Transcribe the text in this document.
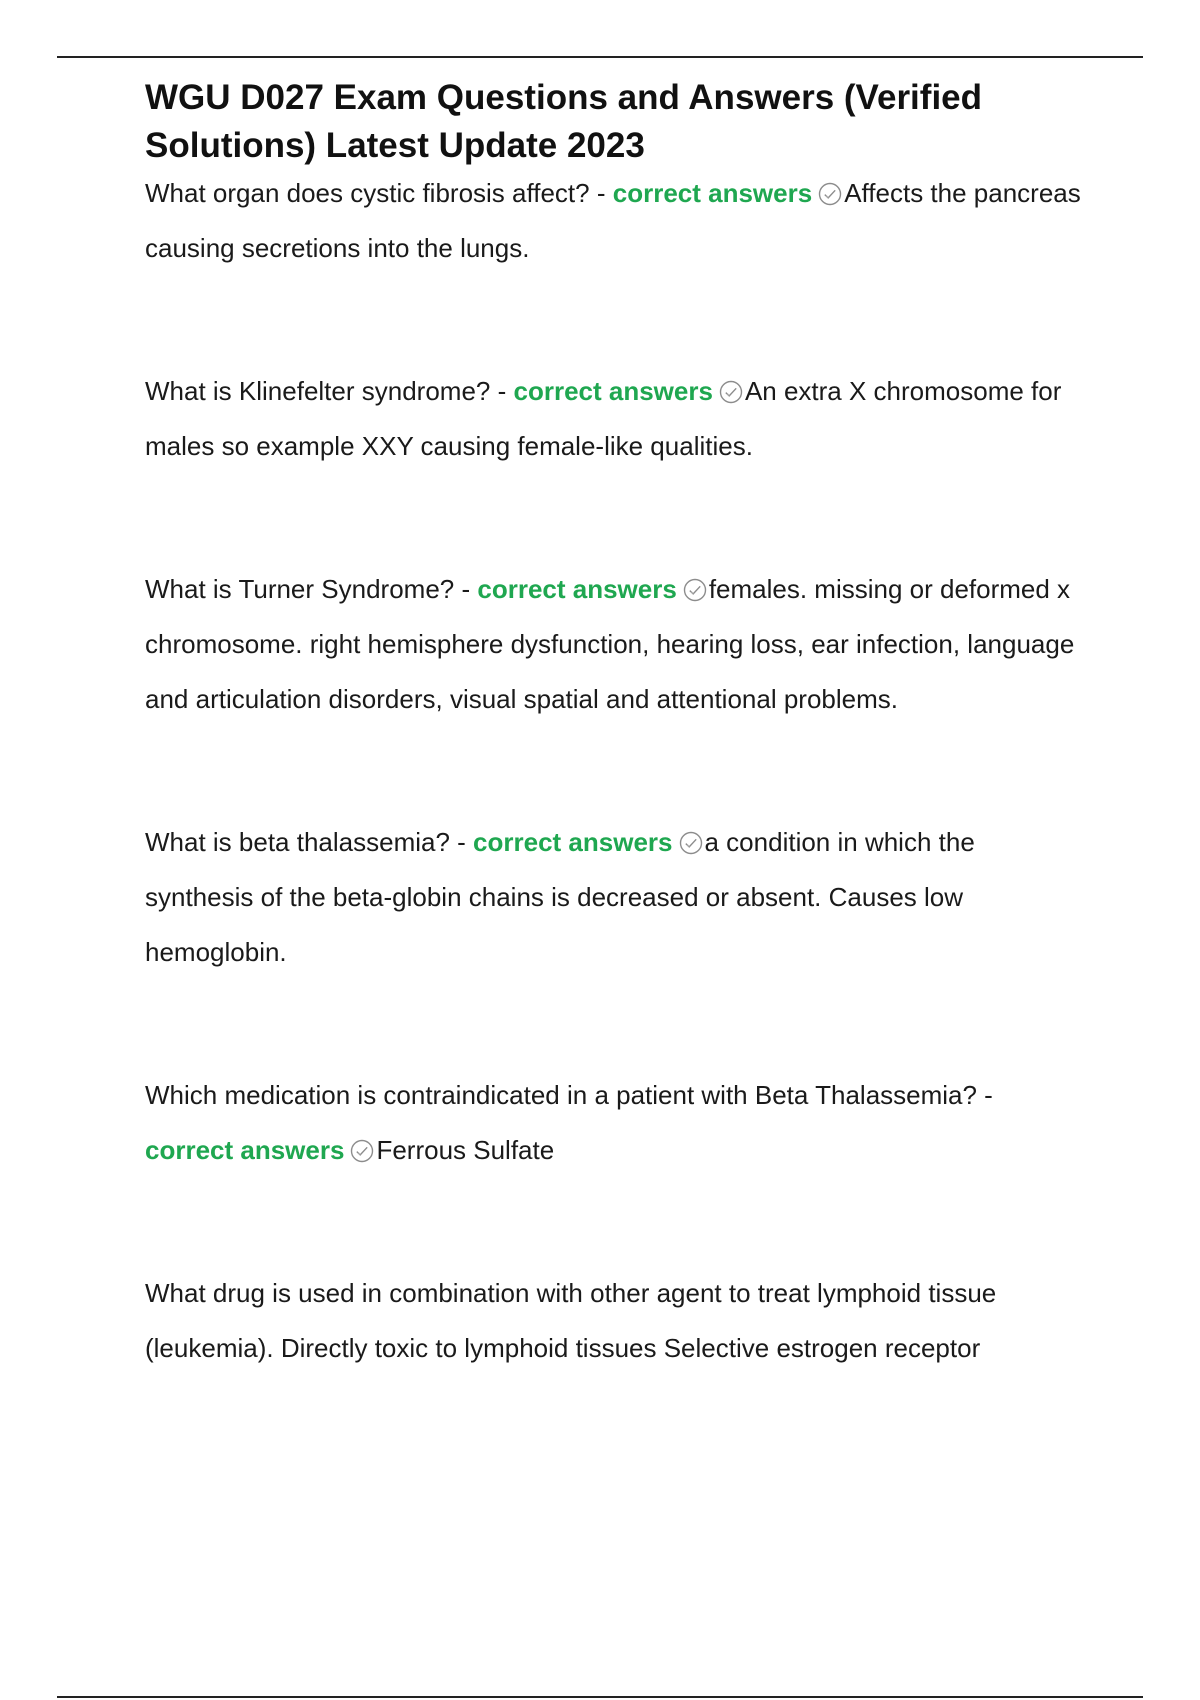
WGU D027 Exam Questions and Answers (Verified Solutions) Latest Update 2023

What organ does cystic fibrosis affect? - correct answers Affects the pancreas causing secretions into the lungs.

What is Klinefelter syndrome? - correct answers An extra X chromosome for males so example XXY causing female-like qualities.

What is Turner Syndrome? - correct answers females. missing or deformed x chromosome. right hemisphere dysfunction, hearing loss, ear infection, language and articulation disorders, visual spatial and attentional problems.

What is beta thalassemia? - correct answers a condition in which the synthesis of the beta-globin chains is decreased or absent. Causes low hemoglobin.

Which medication is contraindicated in a patient with Beta Thalassemia? - correct answers Ferrous Sulfate

What drug is used in combination with other agent to treat lymphoid tissue (leukemia). Directly toxic to lymphoid tissues Selective estrogen receptor
